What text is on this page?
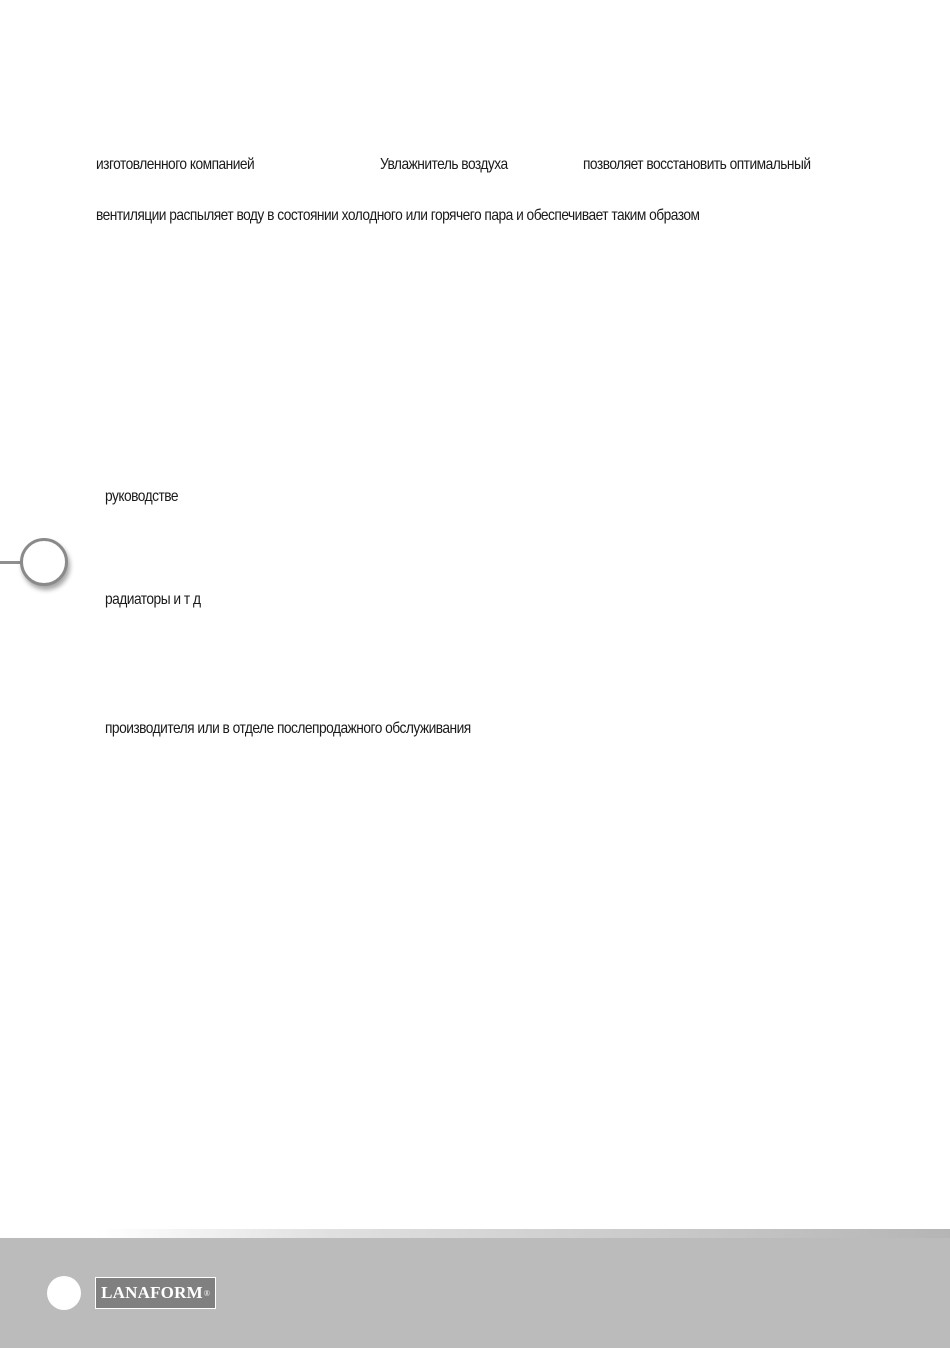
изготовленного компанией	Увлажнитель воздуха	позволяет восстановить оптимальный
вентиляции распыляет воду в состоянии холодного или горячего пара и обеспечивает таким образом
руководстве
радиаторы и т д
производителя или в отделе послепродажного обслуживания
LANAFORM ®
